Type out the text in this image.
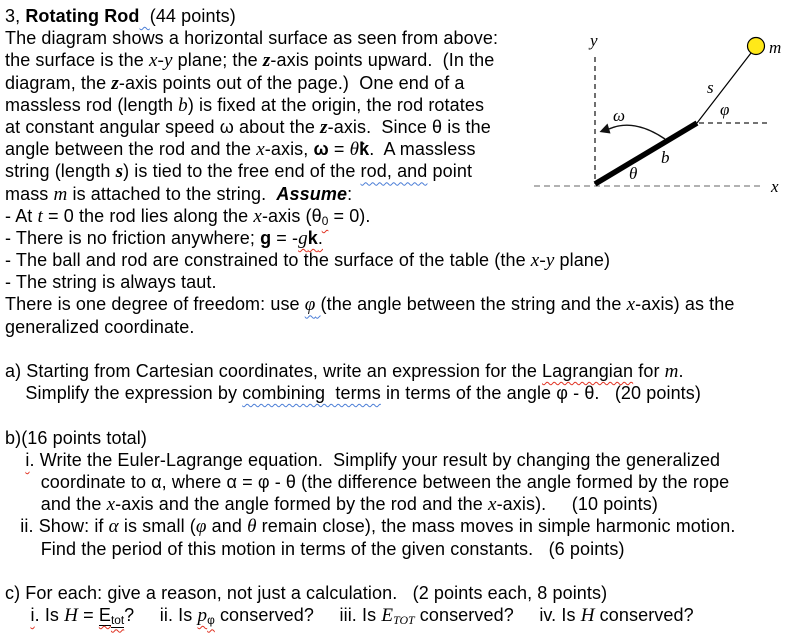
3, Rotating Rod (44 points)
The diagram shows a horizontal surface as seen from above:
the surface is the x-y plane; the z-axis points upward.  (In the
diagram, the z-axis points out of the page.)  One end of a
massless rod (length b) is fixed at the origin, the rod rotates
at constant angular speed ω about the z-axis.  Since θ is the
angle between the rod and the x-axis, ω = θ̇k.  A massless
string (length s) is tied to the free end of the rod, and point
mass m is attached to the string.  Assume:
- At t = 0 the rod lies along the x-axis (θ0 = 0).
- There is no friction anywhere; g = -gk.
- The ball and rod are constrained to the surface of the table (the x-y plane)
- The string is always taut.
There is one degree of freedom: use φ (the angle between the string and the x-axis) as the
generalized coordinate.
a) Starting from Cartesian coordinates, write an expression for the Lagrangian for m.
Simplify the expression by combining  terms in terms of the angle φ - θ.   (20 points)
b)(16 points total)
i. Write the Euler-Lagrange equation.  Simplify your result by changing the generalized
coordinate to α, where α = φ - θ (the difference between the angle formed by the rope
and the x-axis and the angle formed by the rod and the x-axis).     (10 points)
ii. Show: if α is small (φ and θ remain close), the mass moves in simple harmonic motion.
Find the period of this motion in terms of the given constants.   (6 points)
c) For each: give a reason, not just a calculation.   (2 points each, 8 points)
i. Is H = Etot?     ii. Is pφ conserved?     iii. Is ETOT conserved?     iv. Is H conserved?
y
x
b
φ
s
m
θ
ω
